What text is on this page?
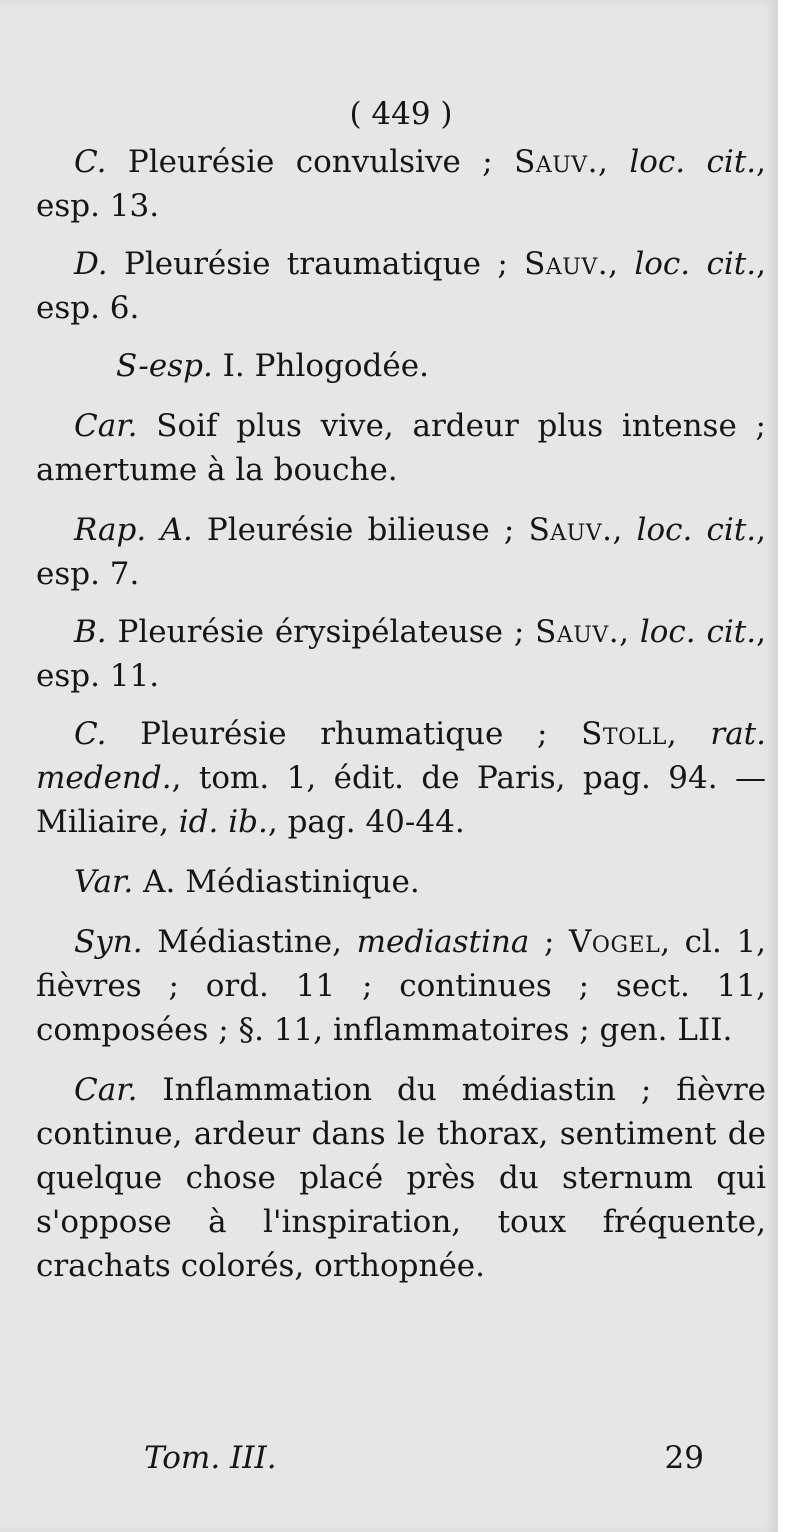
( 449 )

C. Pleurésie convulsive ; Sauv., loc. cit., esp. 13.

D. Pleurésie traumatique ; Sauv., loc. cit., esp. 6.

S-esp. I. Phlogodée.

Car. Soif plus vive, ardeur plus intense ; amertume à la bouche.

Rap. A. Pleurésie bilieuse ; Sauv., loc. cit., esp. 7.

B. Pleurésie érysipélateuse ; Sauv., loc. cit., esp. 11.

C. Pleurésie rhumatique ; Stoll, rat. medend., tom. 1, édit. de Paris, pag. 94. — Miliaire, id. ib., pag. 40-44.

Var. A. Médiastinique.

Syn. Médiastine, mediastina ; Vogel, cl. 1, fièvres ; ord. 11 ; continues ; sect. 11, composées ; §. 11, inflammatoires ; gen. LII.

Car. Inflammation du médiastin ; fièvre continue, ardeur dans le thorax, sentiment de quelque chose placé près du sternum qui s'oppose à l'inspiration, toux fréquente, crachats colorés, orthopnée.

Tom. III.	29
